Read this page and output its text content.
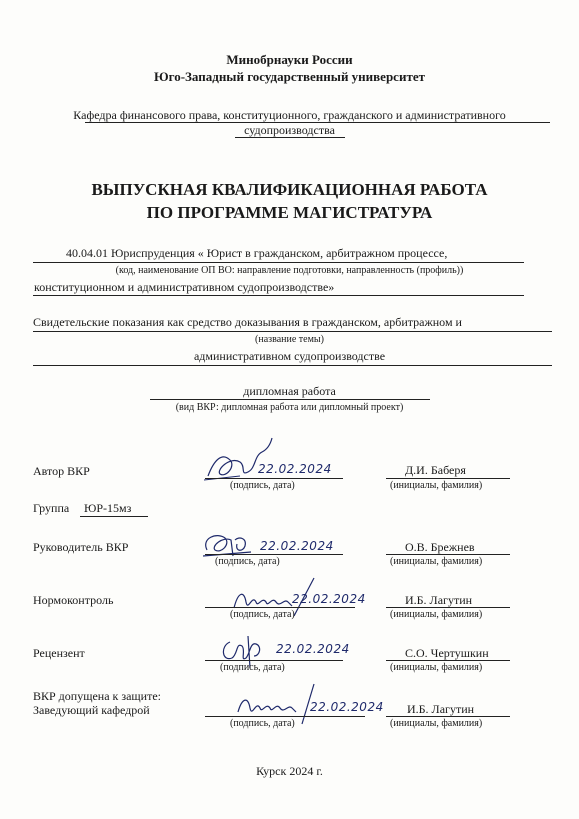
Минобрнауки России
Юго-Западный государственный университет
Кафедра финансового права, конституционного, гражданского и административного
судопроизводства
ВЫПУСКНАЯ КВАЛИФИКАЦИОННАЯ РАБОТА
ПО ПРОГРАММЕ МАГИСТРАТУРА
40.04.01 Юриспруденция « Юрист в гражданском, арбитражном процессе,
(код, наименование ОП ВО: направление подготовки, направленность (профиль))
конституционном и административном судопроизводстве»
Свидетельские показания как средство доказывания в гражданском, арбитражном и
(название темы)
административном судопроизводстве
дипломная работа
(вид ВКР: дипломная работа или дипломный проект)
Автор ВКР	22.02.2024
(подпись, дата)
Д.И. Баберя
(инициалы, фамилия)
Группа ЮР-15мз
Руководитель ВКР	22.02.2024
(подпись, дата)
О.В. Брежнев
(инициалы, фамилия)
Нормоконтроль	22.02.2024
(подпись, дата)
И.Б. Лагутин
(инициалы, фамилия)
Рецензент	22.02.2024
(подпись, дата)
С.О. Чертушкин
(инициалы, фамилия)
ВКР допущена к защите:
Заведующий кафедрой	22.02.2024
(подпись, дата)
И.Б. Лагутин
(инициалы, фамилия)
Курск 2024 г.
